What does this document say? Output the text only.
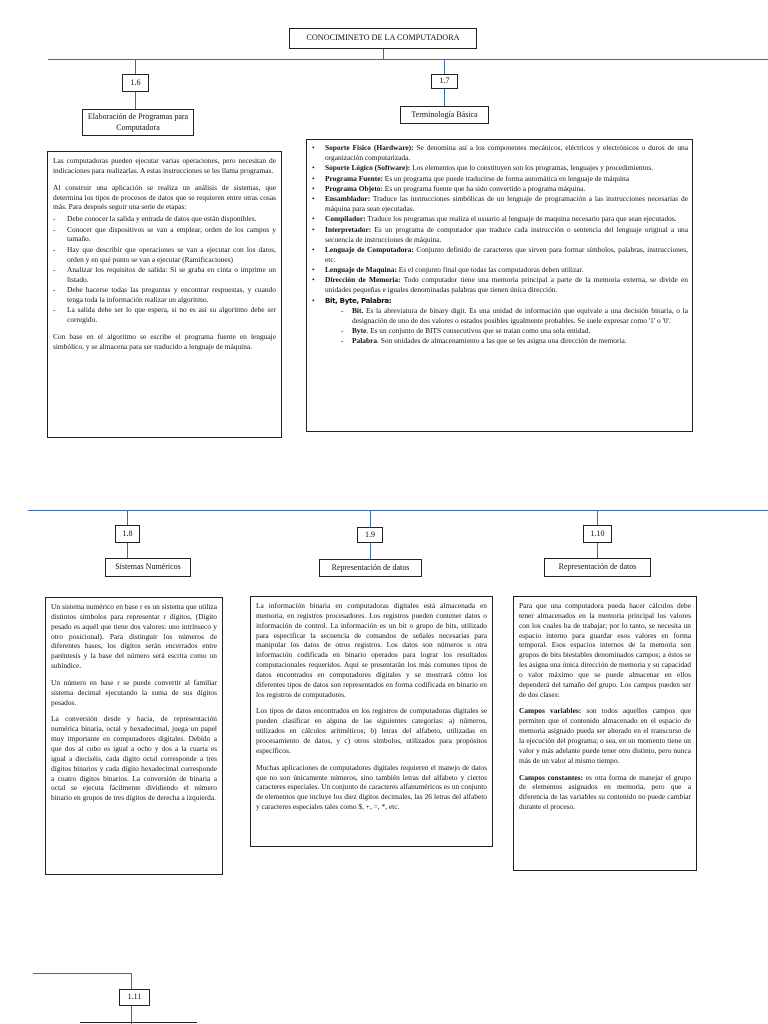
CONOCIMINETO DE LA COMPUTADORA
1.6
Elaboración de Programas para Computadora

Las computadoras pueden ejecutar varias operaciones, pero necesitan de indicaciones para realizarlas. A estas instrucciones se les llama programas.

Al construir una aplicación se realiza un análisis de sistemas, que determina los tipos de procesos de datos que se requieren entre otras cosas más. Para después seguir una serie de etapas:

- Debe conocer la salida y entrada de datos que están disponibles.
- Conocer que dispositivos se van a emplear, orden de los campos y tamaño.
- Hay que describir que operaciones se van a ejecutar con los datos, orden y en qué punto se van a ejecutar (Ramificaciones)
- Analizar los requisitos de salida: Si se graba en cinta o imprime un listado.
- Debe hacerse todas las preguntas y encontrar respuestas, y cuando tenga toda la información realizar un algoritmo.
- La salida debe ser lo que espera, si no es así su algoritmo debe ser corregido.

Con base en el algoritmo se escribe el programa fuente en lenguaje simbólico, y se almacena para ser traducido a lenguaje de máquina.

1.7
Terminología Básica
• Soporte Físico (Hardware): Se denomina así a los componentes mecánicos, eléctricos y electrónicos o duros de una organización computarizada.
• Soporte Lógico (Software): Los elementos que lo constituyen son los programas, lenguajes y procedimientos.
• Programa Fuente: Es un programa que puede traducirse de forma automática en lenguaje de máquina
• Programa Objeto: Es un programa fuente que ha sido convertido a programa máquina.
• Ensamblador: Traduce las instrucciones simbólicas de un lenguaje de programación a las instrucciones necesarias de máquina para sean ejecutadas.
• Compilador: Traduce los programas que realiza el usuario al lenguaje de maquina necesario para que sean ejecutados.
• Interpretador: Es un programa de computador que traduce cada instrucción o sentencia del lenguaje original a una secuencia de instrucciones de máquina.
• Lenguaje de Computadora: Conjunto definido de caracteres que sirven para formar símbolos, palabras, instrucciones, etc.
• Lenguaje de Maquina: Es el conjunto final que todas las computadoras deben utilizar.
• Dirección de Memoria: Todo computador tiene una memoria principal a parte de la memoria externa, se divide en unidades pequeñas e iguales denominadas palabras que tienen única dirección.
• Bit, Byte, Palabra:
- Bit. Es la abreviatura de binary digit. Es una unidad de información que equivale a una decisión binaria, o la designación de uno de dos valores o estados posibles igualmente probables. Se suele expresar como '1' o '0'.
- Byte. Es un conjunto de BITS consecutivos que se tratan como una sola entidad.
- Palabra. Son unidades de almacenamiento a las que se les asigna una dirección de memoria.
1.8
Sistemas Numéricos

Un sistema numérico en base r es un sistema que utiliza distintos símbolos para representar r dígitos, (Dígito pesado es aquél que tiene dos valores: uno intrínseco y otro posicional). Para distinguir los números de diferentes bases, los dígitos serán encerrados entre paréntesis y la base del número será escrita como un subíndice.

Un número en base r se puede convertir al familiar sistema decimal ejecutando la suma de sus dígitos pesados.

La conversión desde y hacia, de representación numérica binaria, octal y hexadecimal, juega un papel muy importante en computadores digitales. Debido a que dos al cubo es igual a ocho y dos a la cuarta es igual a dieciséis, cada dígito octal corresponde a tres dígitos binarios y cada dígito hexadecimal corresponde a cuatro dígitos binarios. La conversión de binaria a octal se ejecuta fácilmente dividiendo el número binario en grupos de tres dígitos de derecha a izquierda.

1.9
Representación de datos

La información binaria en computadoras digitales está almacenada en memoria, en registros procesadores. Los registros pueden contener datos o información de control. La información es un bit o grupo de bits, utilizado para especificar la secuencia de comandos de señales necesarias para manipular los datos de otros registros. Los datos son números u otra información codificada en binario operados para lograr los resultados computacionales requeridos. Aquí se presentarán los más comunes tipos de datos encontrados en computadores digitales y se mostrará cómo los diferentes tipos de datos son representados en forma codificada en binario en los registros de computadores.

Los tipos de datos encontrados en los registros de computadoras digitales se pueden clasificar en alguna de las siguientes categorías: a) números, utilizados en cálculos aritméticos; b) letras del alfabeto, utilizadas en procesamiento de datos, y c) otros símbolos, utilizados para propósitos específicos.

Muchas aplicaciones de computadores digitales requieren el manejo de datos que no son únicamente números, sino también letras del alfabeto y ciertos caracteres especiales. Un conjunto de caracteres alfanuméricos es un conjunto de elementos que incluye los diez dígitos decimales, las 26 letras del alfabeto y caracteres especiales tales como $, +, =, *, etc.

1.10
Representación de datos

Para que una computadora pueda hacer cálculos debe tener almacenados en la memoria principal los valores con los cuales ha de trabajar; por lo tanto, se necesita un espacio interno para guardar esos valores en forma temporal. Esos espacios internos de la memoria son grupos de bits biestables denominados campos; a éstos se les asigna una única dirección de memoria y su capacidad o valor máximo que se puede almacenar en ellos dependerá del tamaño del grupo. Los campos pueden ser de dos clases:

Campos variables: son todos aquellos campos que permiten que el contenido almacenado en el espacio de memoria asignado pueda ser alterado en el transcurso de la ejecución del programa; o sea, en un momento tiene un valor y más adelante puede tener otro distinto, pero nunca más de un valor al mismo tiempo.

Campos constantes: es otra forma de manejar el grupo de elementos asignados en memoria, pero que a diferencia de las variables su contenido no puede cambiar durante el proceso.

1.11
